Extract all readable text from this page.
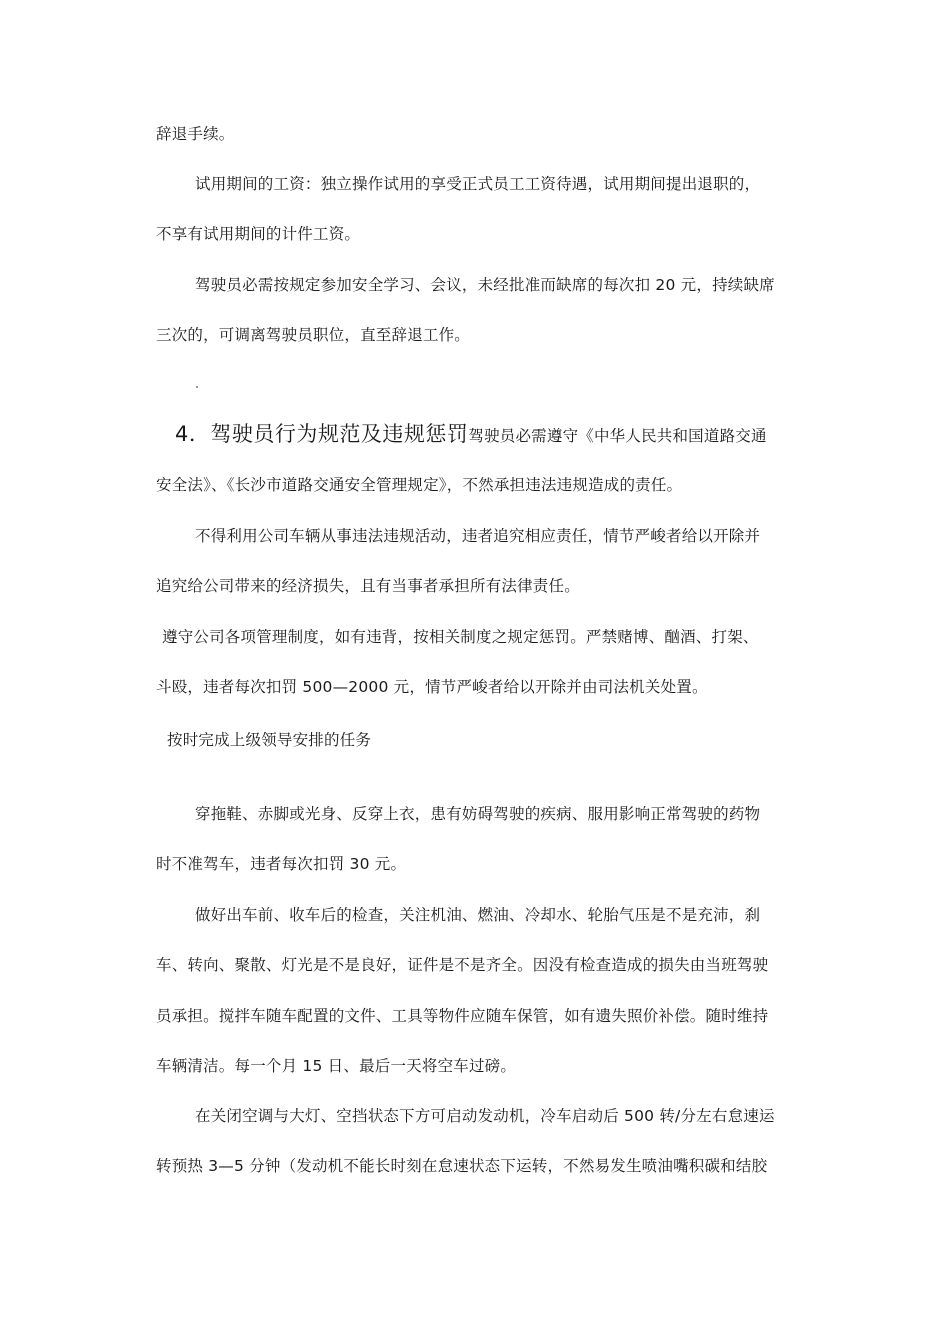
辞退手续。
试用期间的工资：独立操作试用的享受正式员工工资待遇，试用期间提出退职的，
不享有试用期间的计件工资。
驾驶员必需按规定参加安全学习、会议，未经批准而缺席的每次扣 20 元，持续缺席
三次的，可调离驾驶员职位，直至辞退工作。
4．驾驶员行为规范及违规惩罚驾驶员必需遵守《中华人民共和国道路交通
安全法》、《长沙市道路交通安全管理规定》，不然承担违法违规造成的责任。
不得利用公司车辆从事违法违规活动，违者追究相应责任，情节严峻者给以开除并
追究给公司带来的经济损失，且有当事者承担所有法律责任。
遵守公司各项管理制度，如有违背，按相关制度之规定惩罚。严禁赌博、酗酒、打架、
斗殴，违者每次扣罚 500—2000 元，情节严峻者给以开除并由司法机关处置。
按时完成上级领导安排的任务
穿拖鞋、赤脚或光身、反穿上衣，患有妨碍驾驶的疾病、服用影响正常驾驶的药物
时不准驾车，违者每次扣罚 30 元。
做好出车前、收车后的检查，关注机油、燃油、冷却水、轮胎气压是不是充沛，刹
车、转向、聚散、灯光是不是良好，证件是不是齐全。因没有检查造成的损失由当班驾驶
员承担。搅拌车随车配置的文件、工具等物件应随车保管，如有遗失照价补偿。随时维持
车辆清洁。每一个月 15 日、最后一天将空车过磅。
在关闭空调与大灯、空挡状态下方可启动发动机，冷车启动后 500 转/分左右怠速运
转预热 3—5 分钟（发动机不能长时刻在怠速状态下运转，不然易发生喷油嘴积碳和结胶
